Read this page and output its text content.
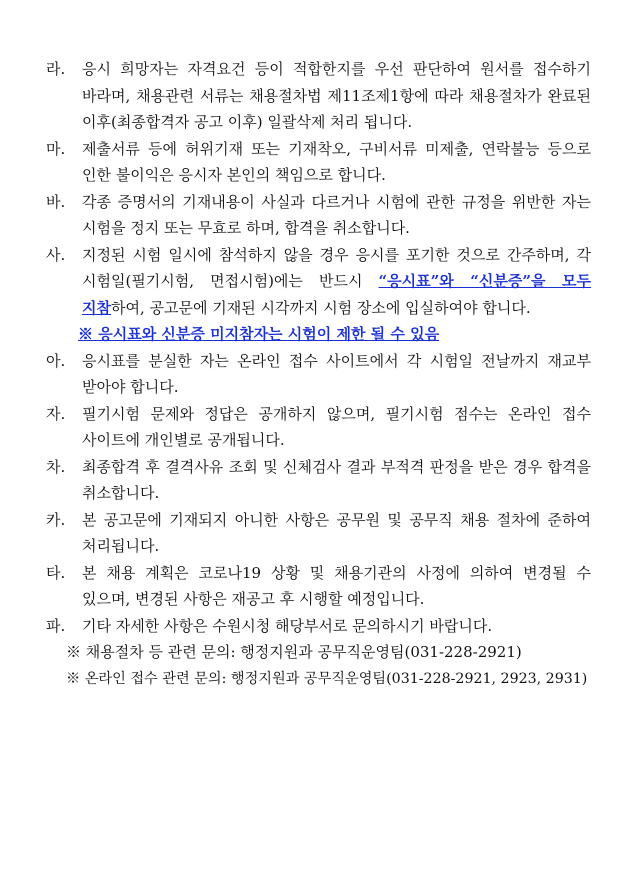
라. 응시 희망자는 자격요건 등이 적합한지를 우선 판단하여 원서를 접수하기 바라며, 채용관련 서류는 채용절차법 제11조제1항에 따라 채용절차가 완료된 이후(최종합격자 공고 이후) 일괄삭제 처리 됩니다.
마. 제출서류 등에 허위기재 또는 기재착오, 구비서류 미제출, 연락불능 등으로 인한 불이익은 응시자 본인의 책임으로 합니다.
바. 각종 증명서의 기재내용이 사실과 다르거나 시험에 관한 규정을 위반한 자는 시험을 정지 또는 무효로 하며, 합격을 취소합니다.
사. 지정된 시험 일시에 참석하지 않을 경우 응시를 포기한 것으로 간주하며, 각 시험일(필기시험, 면접시험)에는 반드시 “응시표”와 “신분증”을 모두 지참하여, 공고문에 기재된 시각까지 시험 장소에 입실하여야 합니다.
※ 응시표와 신분증 미지참자는 시험이 제한 될 수 있음
아. 응시표를 분실한 자는 온라인 접수 사이트에서 각 시험일 전날까지 재교부 받아야 합니다.
자. 필기시험 문제와 정답은 공개하지 않으며, 필기시험 점수는 온라인 접수 사이트에 개인별로 공개됩니다.
차. 최종합격 후 결격사유 조회 및 신체검사 결과 부적격 판정을 받은 경우 합격을 취소합니다.
카. 본 공고문에 기재되지 아니한 사항은 공무원 및 공무직 채용 절차에 준하여 처리됩니다.
타. 본 채용 계획은 코로나19 상황 및 채용기관의 사정에 의하여 변경될 수 있으며, 변경된 사항은 재공고 후 시행할 예정입니다.
파. 기타 자세한 사항은 수원시청 해당부서로 문의하시기 바랍니다.
※ 채용절차 등 관련 문의: 행정지원과 공무직운영팀(031-228-2921)
※ 온라인 접수 관련 문의: 행정지원과 공무직운영팀(031-228-2921, 2923, 2931)
